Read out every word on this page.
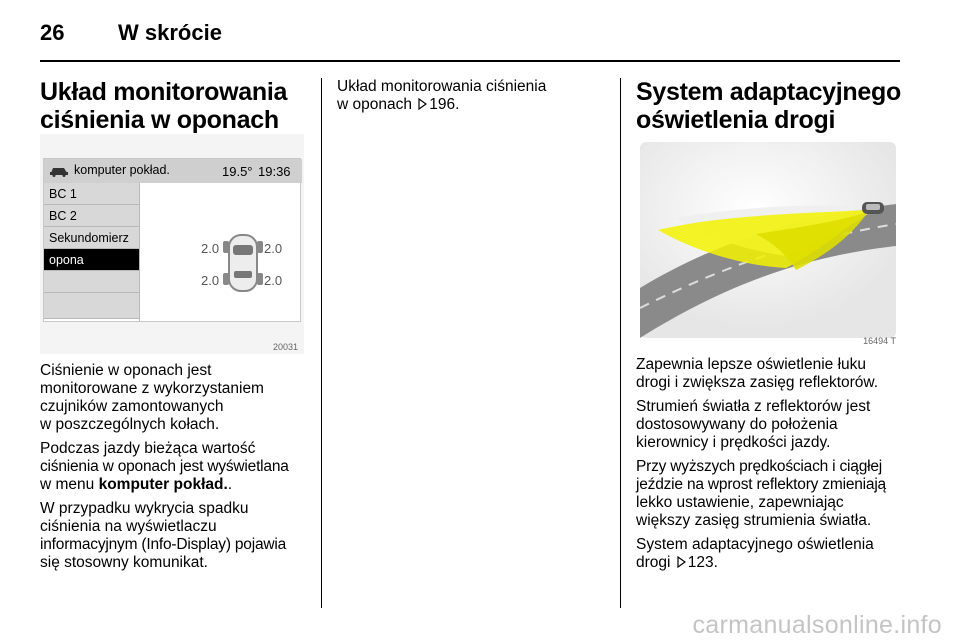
26 W skrócie
Układ monitorowania
ciśnienia w oponach
komputer pokład.	19.5° 19:36
BC 1
BC 2
Sekundomierz
opona
2.0	2.0
2.0	2.0
20031
Ciśnienie w oponach jest
monitorowane z wykorzystaniem
czujników zamontowanych
w poszczególnych kołach.
Podczas jazdy bieżąca wartość
ciśnienia w oponach jest wyświetlana
w menu komputer pokład..
W przypadku wykrycia spadku
ciśnienia na wyświetlaczu
informacyjnym (Info-Display) pojawia
się stosowny komunikat.
Układ monitorowania ciśnienia
w oponach 196.	System adaptacyjnego
oświetlenia drogi
16494 T
Zapewnia lepsze oświetlenie łuku
drogi i zwiększa zasięg reflektorów.
Strumień światła z reflektorów jest
dostosowywany do położenia
kierownicy i prędkości jazdy.
Przy wyższych prędkościach i ciągłej
jeździe na wprost reflektory zmieniają
lekko ustawienie, zapewniając
większy zasięg strumienia światła.
System adaptacyjnego oświetlenia
drogi 123.
carmanualsonline.info
